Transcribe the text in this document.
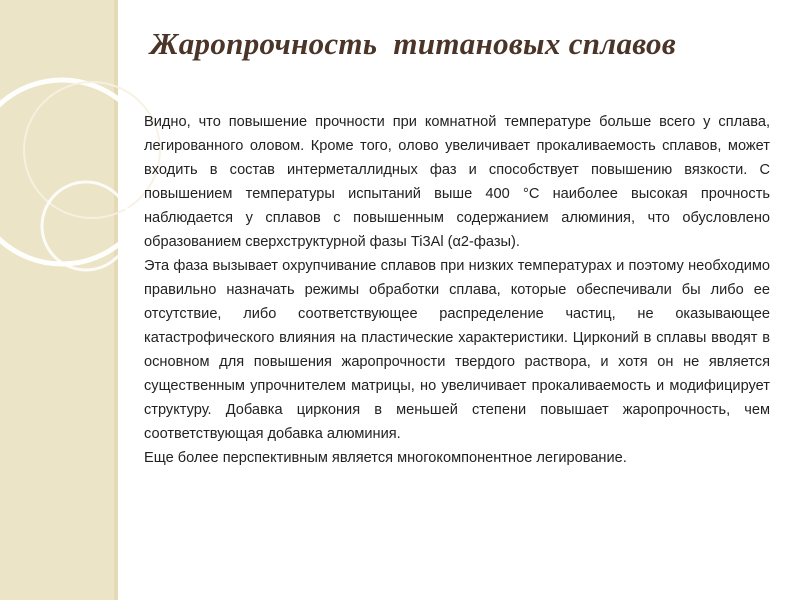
Жаропрочность  титановых сплавов

Видно, что повышение прочности при комнатной температуре больше всего у сплава, легированного оловом. Кроме того, олово увеличивает прокаливаемость сплавов, может входить в состав интерметаллидных фаз и способствует повышению вязкости. С повышением температуры испытаний выше 400 °С наиболее высокая прочность наблюдается у сплавов с повышенным содержанием алюминия, что обусловлено образованием сверхструктурной фазы Ti3Al (α2-фазы).

Эта фаза вызывает охрупчивание сплавов при низких температурах и поэтому необходимо правильно назначать режимы обработки сплава, которые обеспечивали бы либо ее отсутствие, либо соответствующее распределение частиц, не оказывающее катастрофического влияния на пластические характеристики. Цирконий в сплавы вводят в основном для повышения жаропрочности твердого раствора, и хотя он не является существенным упрочнителем матрицы, но увеличивает прокаливаемость и модифицирует структуру. Добавка циркония в меньшей степени повышает жаропрочность, чем соответствующая добавка алюминия.

Еще более перспективным является многокомпонентное легирование.
